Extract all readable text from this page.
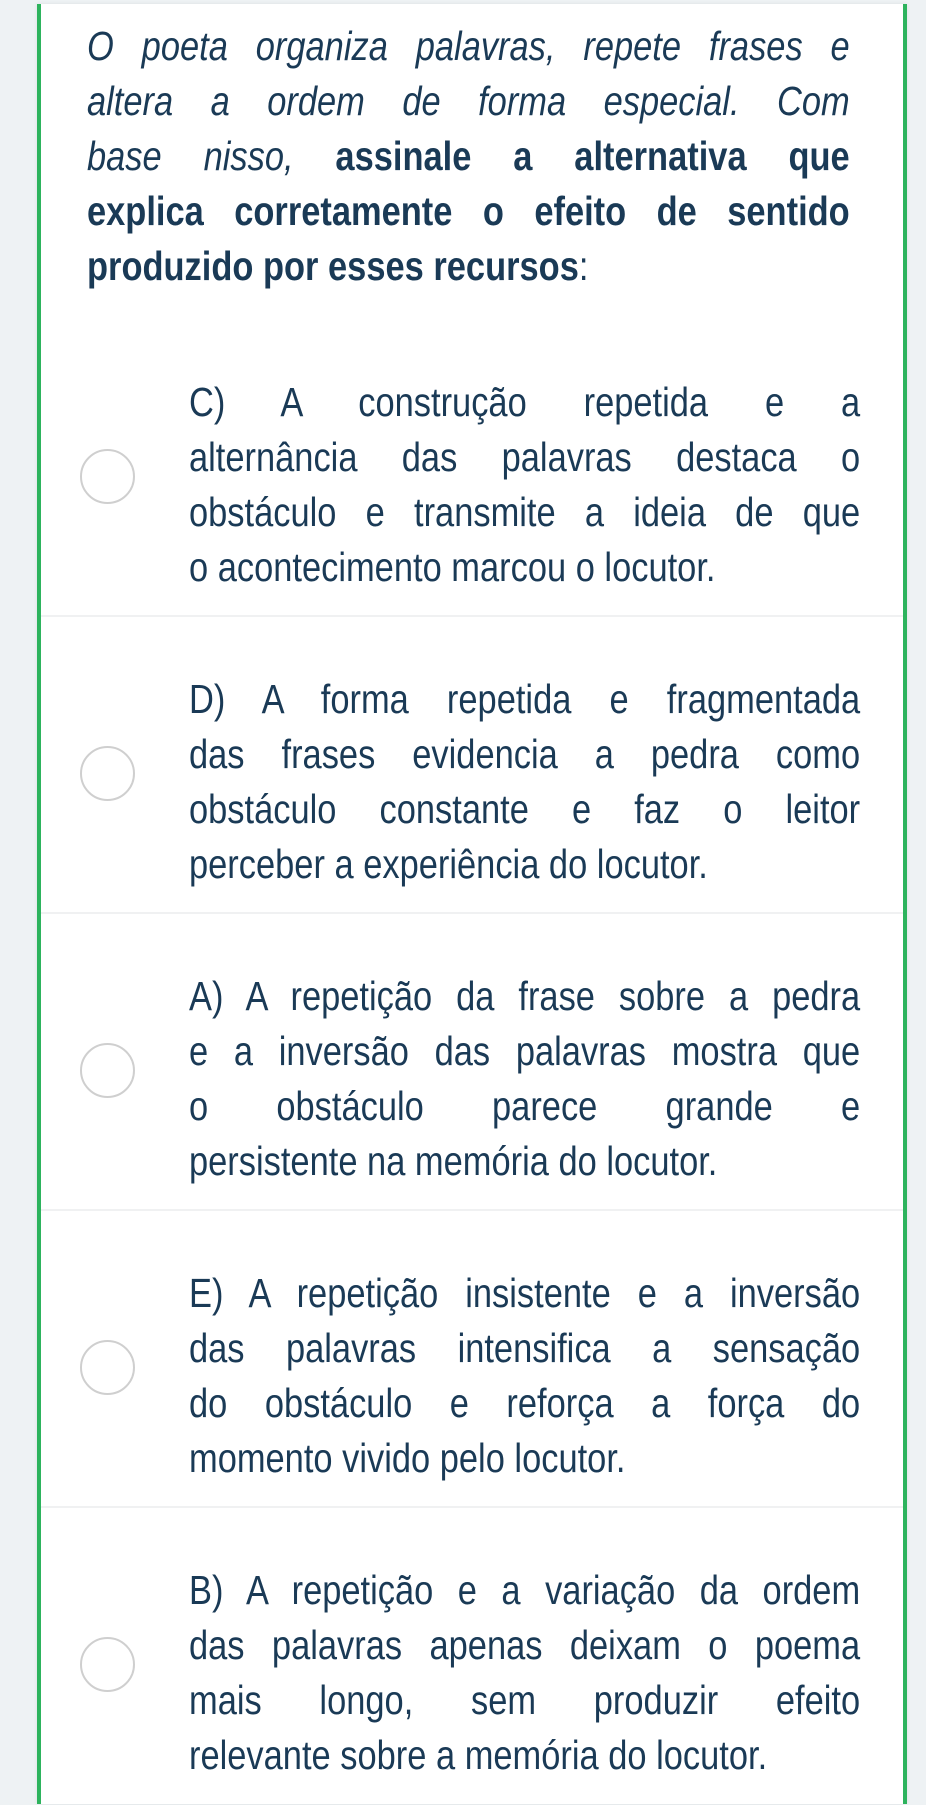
O poeta organiza palavras, repete frases e
altera a ordem de forma especial. Com
base nisso, assinale a alternativa que
explica corretamente o efeito de sentido
produzido por esses recursos:
C) A construção repetida e a
alternância das palavras destaca o
obstáculo e transmite a ideia de que
o acontecimento marcou o locutor.
D) A forma repetida e fragmentada
das frases evidencia a pedra como
obstáculo constante e faz o leitor
perceber a experiência do locutor.
A) A repetição da frase sobre a pedra
e a inversão das palavras mostra que
o obstáculo parece grande e
persistente na memória do locutor.
E) A repetição insistente e a inversão
das palavras intensifica a sensação
do obstáculo e reforça a força do
momento vivido pelo locutor.
B) A repetição e a variação da ordem
das palavras apenas deixam o poema
mais longo, sem produzir efeito
relevante sobre a memória do locutor.
